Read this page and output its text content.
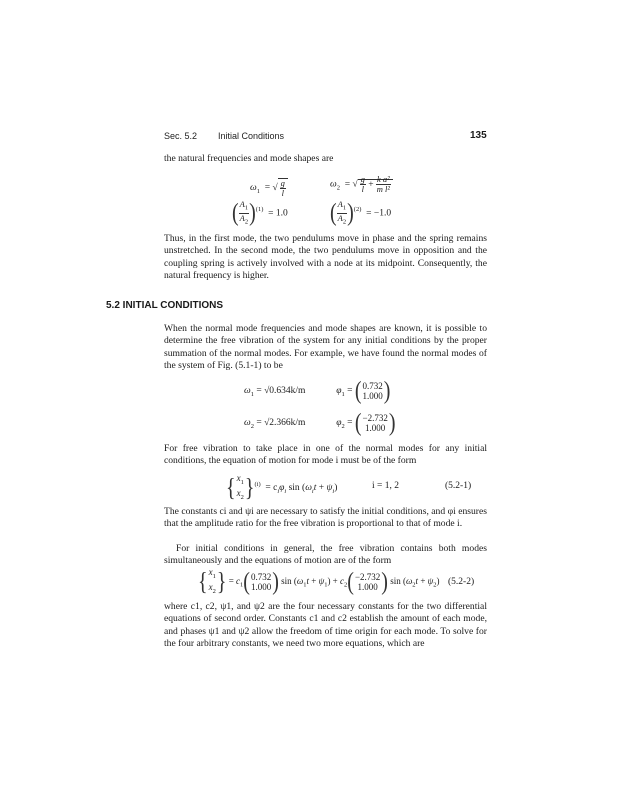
Sec. 5.2 Initial Conditions	135
the natural frequencies and mode shapes are
$\omega_1$  = √ $\frac{g}{l}$	$\omega_2$  = √ $\frac{g}{l} + \frac{\text{k a²}}{\text{m l²}}$
( $\frac{A_1}{A_2}$ ) $^{(1)}$  = 1.0 ( $\frac{A_1}{A_2}$ ) $^{(2)}$  = −1.0
Thus, in the first mode, the two pendulums move in phase and the spring remains unstretched. In the second mode, the two pendulums move in opposition and the coupling spring is actively involved with a node at its midpoint. Consequently, the natural frequency is higher.
5.2 INITIAL CONDITIONS
When the normal mode frequencies and mode shapes are known, it is possible to determine the free vibration of the system for any initial conditions by the proper summation of the normal modes. For example, we have found the normal modes of the system of Fig. (5.1-1) to be
$\omega_1 = √0.634k/m$	$\varphi_1$ = ( 0.732
1.000 )
$\omega_2 = √2.366k/m$	$\varphi_2$ = ( −2.732
1.000 )
For free vibration to take place in one of the normal modes for any initial conditions, the equation of motion for mode i must be of the form
{ $x_1$
$x_2$ } $^{(i)} = c_i\varphi_i$ $\sin (\omega_it + \psi_i)$	i = 1, 2	(5.2-1)
The constants ci and ψi are necessary to satisfy the initial conditions, and φi ensures that the amplitude ratio for the free vibration is proportional to that of mode i.
For initial conditions in general, the free vibration contains both modes simultaneously and the equations of motion are of the form
{ $x_1$
$x_2$ } = $c_1$ ( 0.732
1.000 ) $\sin (\omega_1t + \psi_1) + c_2$ ( −2.732
1.000 ) $\sin (\omega_2t + \psi_2)$ (5.2-2)
where c1, c2, ψ1, and ψ2 are the four necessary constants for the two differential equations of second order. Constants c1 and c2 establish the amount of each mode, and phases ψ1 and ψ2 allow the freedom of time origin for each mode. To solve for the four arbitrary constants, we need two more equations, which are
